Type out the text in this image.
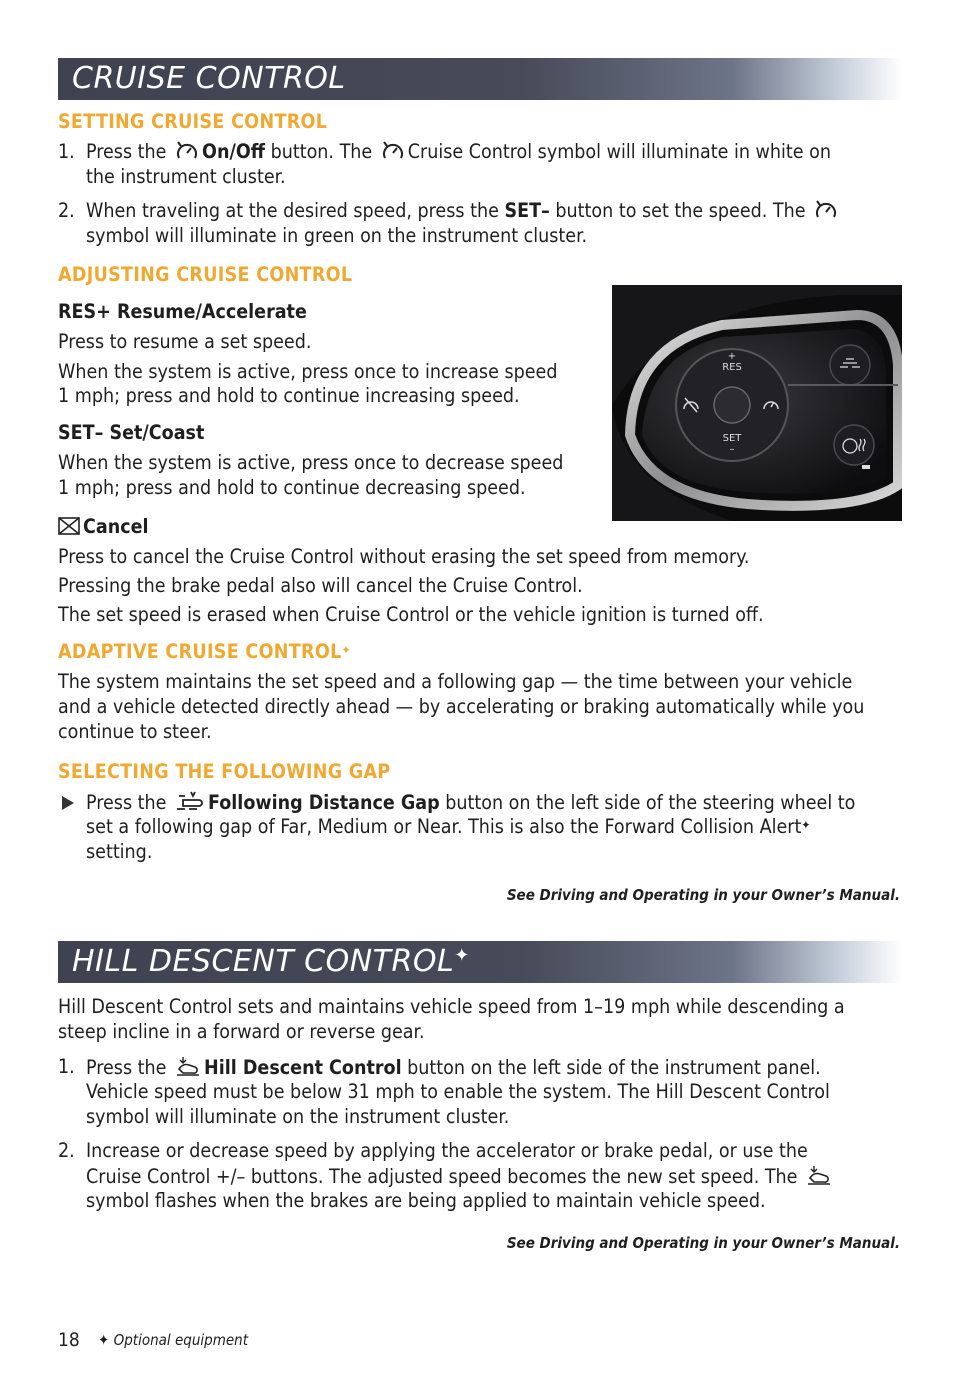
CRUISE CONTROL
SETTING CRUISE CONTROL
1. Press the On/Off button. The Cruise Control symbol will illuminate in white on
the instrument cluster.
2. When traveling at the desired speed, press the SET– button to set the speed. The
symbol will illuminate in green on the instrument cluster.
ADJUSTING CRUISE CONTROL
RES+ Resume/Accelerate
Press to resume a set speed.
When the system is active, press once to increase speed
1 mph; press and hold to continue increasing speed.
SET– Set/Coast
When the system is active, press once to decrease speed
1 mph; press and hold to continue decreasing speed.
Cancel
Press to cancel the Cruise Control without erasing the set speed from memory.
Pressing the brake pedal also will cancel the Cruise Control.
The set speed is erased when Cruise Control or the vehicle ignition is turned off.
RES
+
SET
–
ADAPTIVE CRUISE CONTROL✦
The system maintains the set speed and a following gap — the time between your vehicle
and a vehicle detected directly ahead — by accelerating or braking automatically while you
continue to steer.
SELECTING THE FOLLOWING GAP
Press the Following Distance Gap button on the left side of the steering wheel to
set a following gap of Far, Medium or Near. This is also the Forward Collision Alert✦
setting.
See Driving and Operating in your Owner’s Manual.
HILL DESCENT CONTROL✦
Hill Descent Control sets and maintains vehicle speed from 1–19 mph while descending a
steep incline in a forward or reverse gear.
1. Press the Hill Descent Control button on the left side of the instrument panel.
Vehicle speed must be below 31 mph to enable the system. The Hill Descent Control
symbol will illuminate on the instrument cluster.
2. Increase or decrease speed by applying the accelerator or brake pedal, or use the
Cruise Control +/– buttons. The adjusted speed becomes the new set speed. The
symbol flashes when the brakes are being applied to maintain vehicle speed.
See Driving and Operating in your Owner’s Manual.
18 ✦ Optional equipment
